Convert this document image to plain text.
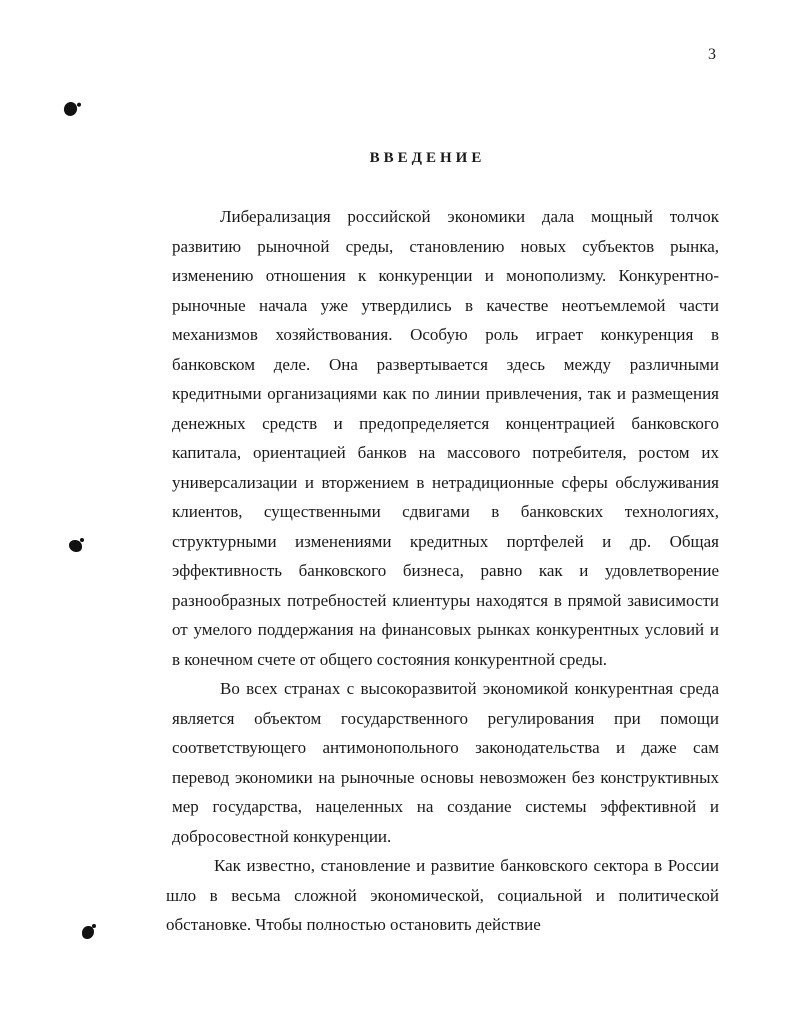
3
ВВЕДЕНИЕ

Либерализация российской экономики дала мощный толчок развитию рыночной среды, становлению новых субъектов рынка, изменению отношения к конкуренции и монополизму. Конкурентно-рыночные начала уже утвердились в качестве неотъемлемой части механизмов хозяйствования. Особую роль играет конкуренция в банковском деле. Она развертывается здесь между различными кредитными организациями как по линии привлечения, так и размещения денежных средств и предопределяется концентрацией банковского капитала, ориентацией банков на массового потребителя, ростом их универсализации и вторжением в нетрадиционные сферы обслуживания клиентов, существенными сдвигами в банковских технологиях, структурными изменениями кредитных портфелей и др. Общая эффективность банковского бизнеса, равно как и удовлетворение разнообразных потребностей клиентуры находятся в прямой зависимости от умелого поддержания на финансовых рынках конкурентных условий и в конечном счете от общего состояния конкурентной среды.

Во всех странах с высокоразвитой экономикой конкурентная среда является объектом государственного регулирования при помощи соответствующего антимонопольного законодательства и даже сам перевод экономики на рыночные основы невозможен без конструктивных мер государства, нацеленных на создание системы эффективной и добросовестной конкуренции.

Как известно, становление и развитие банковского сектора в России шло в весьма сложной экономической, социальной и политической обстановке. Чтобы полностью остановить действие
